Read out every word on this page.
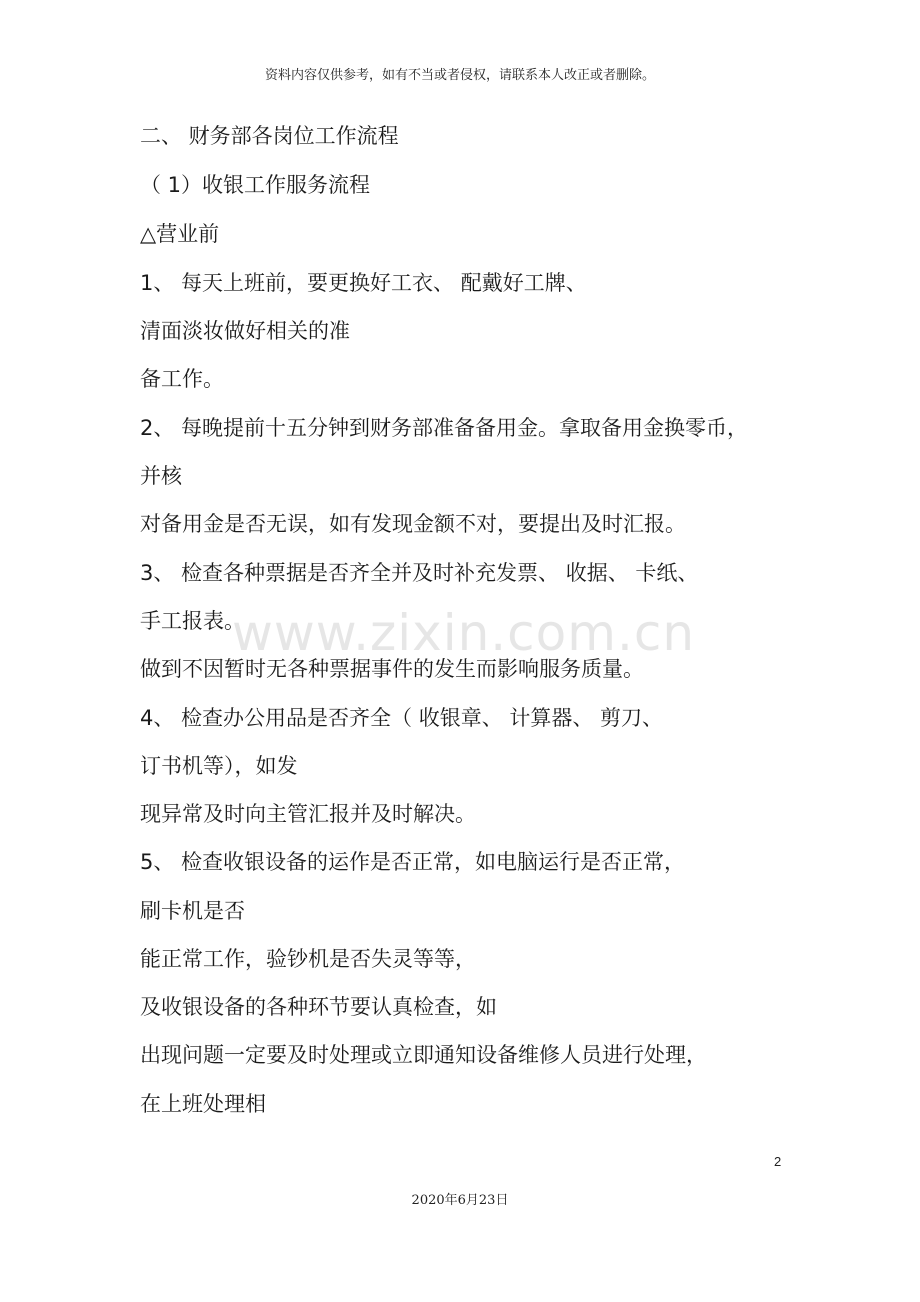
资料内容仅供参考，如有不当或者侵权，请联系本人改正或者删除。
www.zixin.com.cn
二、 财务部各岗位工作流程
（ 1）收银工作服务流程
△营业前
1、 每天上班前，要更换好工衣、 配戴好工牌、
清面淡妆做好相关的准
备工作。
2、 每晚提前十五分钟到财务部准备备用金。拿取备用金换零币，
并核
对备用金是否无误，如有发现金额不对，要提出及时汇报。
3、 检查各种票据是否齐全并及时补充发票、 收据、 卡纸、
手工报表。
做到不因暂时无各种票据事件的发生而影响服务质量。
4、 检查办公用品是否齐全（ 收银章、 计算器、 剪刀、
订书机等），如发
现异常及时向主管汇报并及时解决。
5、 检查收银设备的运作是否正常，如电脑运行是否正常，
刷卡机是否
能正常工作，验钞机是否失灵等等，
及收银设备的各种环节要认真检查，如
出现问题一定要及时处理或立即通知设备维修人员进行处理，
在上班处理相
2
2020年6月23日
